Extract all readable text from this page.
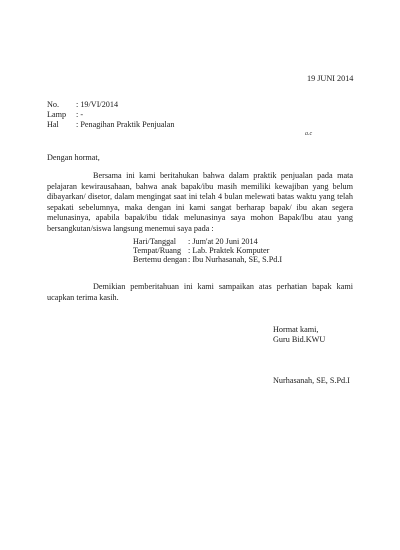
19 JUNI 2014
No. : 19/VI/2014
Lamp : -
Hal : Penagihan Praktik Penjualan
a.c
Dengan hormat,
Bersama ini kami beritahukan bahwa dalam praktik penjualan pada mata pelajaran kewirausahaan, bahwa anak bapak/ibu masih memiliki kewajiban yang belum dibayarkan/ disetor, dalam mengingat saat ini telah 4 bulan melewati batas waktu yang telah sepakati sebelumnya, maka dengan ini kami sangat berharap bapak/ ibu akan segera melunasinya, apabila bapak/ibu tidak melunasinya saya mohon Bapak/Ibu atau yang bersangkutan/siswa langsung menemui saya pada :
Hari/Tanggal : Jum'at 20 Juni 2014
Tempat/Ruang : Lab. Praktek Komputer
Bertemu dengan : Ibu Nurhasanah, SE, S.Pd.I
Demikian pemberitahuan ini kami sampaikan atas perhatian bapak kami ucapkan terima kasih.
Hormat kami,
Guru Bid.KWU
Nurhasanah, SE, S.Pd.I
